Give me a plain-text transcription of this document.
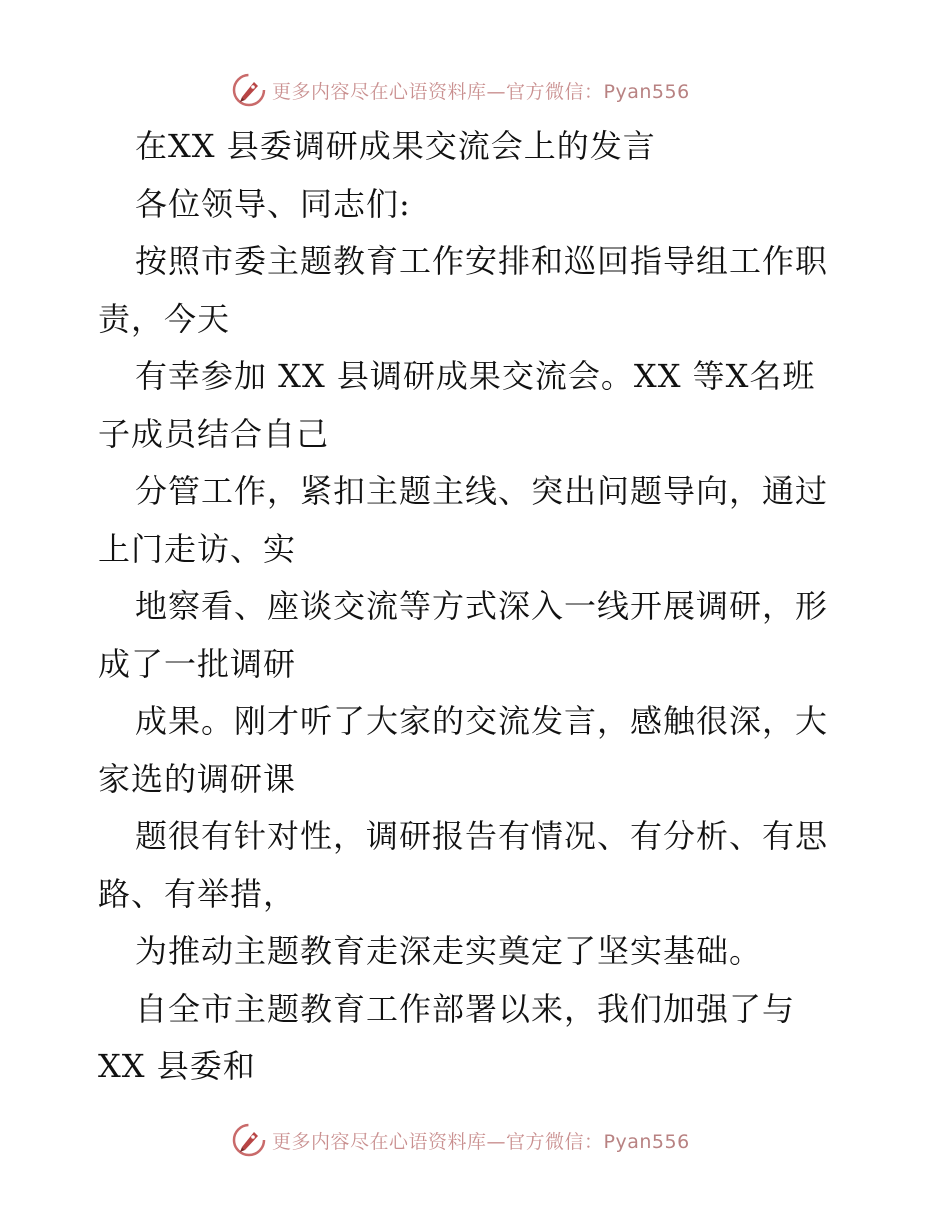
更多内容尽在心语资料库—官方微信：Pyan556
在XX 县委调研成果交流会上的发言
各位领导、同志们:
按照市委主题教育工作安排和巡回指导组工作职
责，今天
有幸参加 XX 县调研成果交流会。XX 等X名班
子成员结合自己
分管工作，紧扣主题主线、突出问题导向，通过
上门走访、实
地察看、座谈交流等方式深入一线开展调研，形
成了一批调研
成果。刚才听了大家的交流发言，感触很深，大
家选的调研课
题很有针对性，调研报告有情况、有分析、有思
路、有举措，
为推动主题教育走深走实奠定了坚实基础。
自全市主题教育工作部署以来，我们加强了与
XX 县委和
更多内容尽在心语资料库—官方微信：Pyan556
